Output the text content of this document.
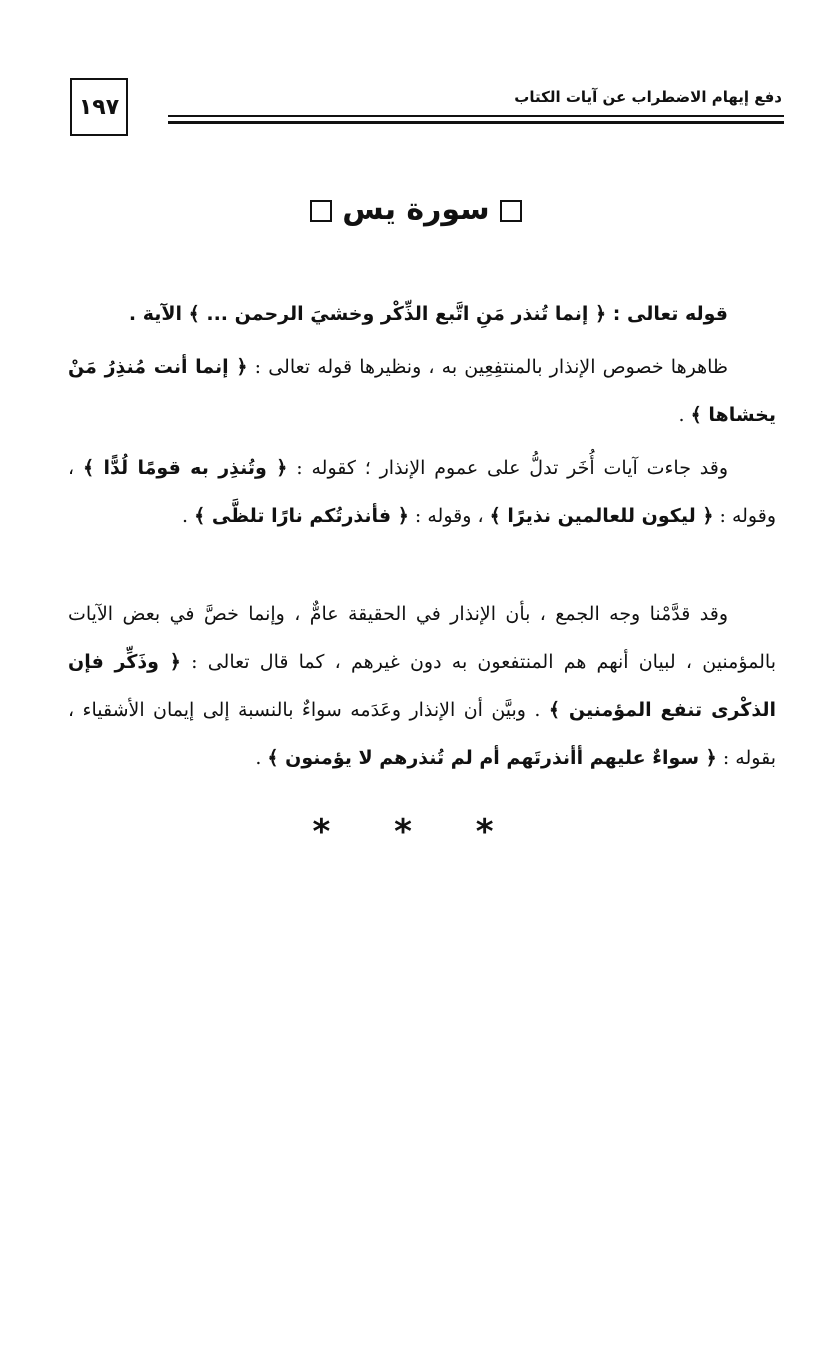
١٩٧	دفع إيهام الاضطراب عن آيات الكتاب
سورة يس

قوله تعالى : ﴿ إنما تُنذر مَنِ اتَّبع الذِّكْر وخشيَ الرحمن ... ﴾ الآية .

ظاهرها خصوص الإنذار بالمنتفِعِين به ، ونظيرها قوله تعالى : ﴿ إنما أنت مُنذِرُ مَنْ يخشاها ﴾ .

وقد جاءت آيات أُخَر تدلُّ على عموم الإنذار ؛ كقوله : ﴿ وتُنذِر به قومًا لُدًّا ﴾ ، وقوله : ﴿ ليكون للعالمين نذيرًا ﴾ ، وقوله : ﴿ فأنذرتُكم نارًا تلظَّى ﴾ .

وقد قدَّمْنا وجه الجمع ، بأن الإنذار في الحقيقة عامٌّ ، وإنما خصَّ في بعض الآيات بالمؤمنين ، لبيان أنهم هم المنتفعون به دون غيرهم ، كما قال تعالى : ﴿ وذَكِّر فإن الذكْرى تنفع المؤمنين ﴾ . وبيَّن أن الإنذار وعَدَمه سواءٌ بالنسبة إلى إيمان الأشقياء ، بقوله : ﴿ سواءٌ عليهم أأنذرتَهم أم لم تُنذرهم لا يؤمنون ﴾ .

* * *
